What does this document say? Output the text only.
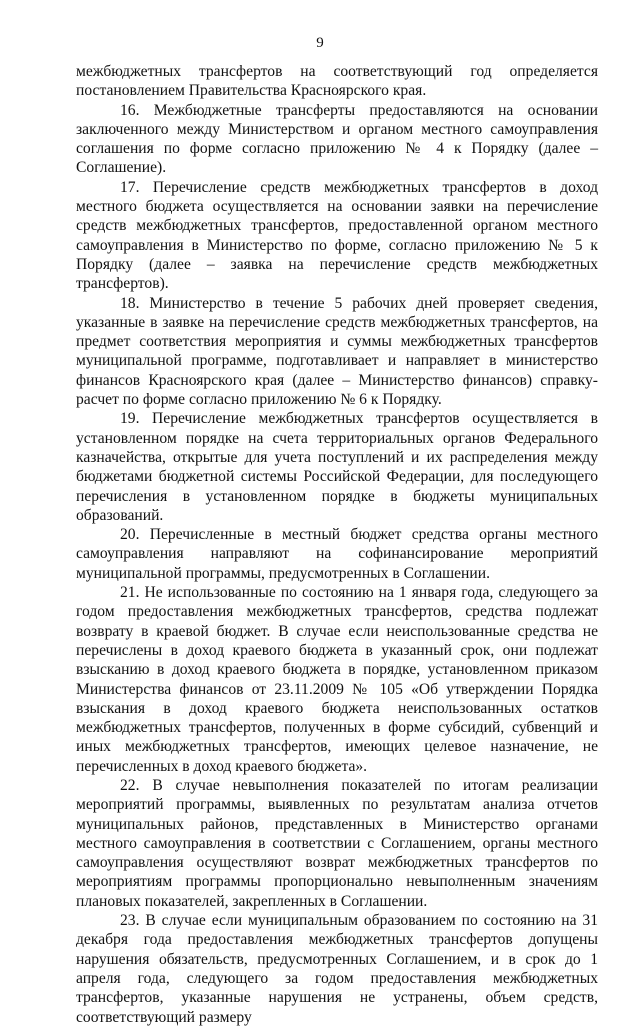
9

межбюджетных трансфертов на соответствующий год определяется постановлением Правительства Красноярского края.

16. Межбюджетные трансферты предоставляются на основании заключенного между Министерством и органом местного самоуправления соглашения по форме согласно приложению № 4 к Порядку (далее – Соглашение).

17. Перечисление средств межбюджетных трансфертов в доход местного бюджета осуществляется на основании заявки на перечисление средств межбюджетных трансфертов, предоставленной органом местного самоуправления в Министерство по форме, согласно приложению № 5 к Порядку (далее – заявка на перечисление средств межбюджетных трансфертов).

18. Министерство в течение 5 рабочих дней проверяет сведения, указанные в заявке на перечисление средств межбюджетных трансфертов, на предмет соответствия мероприятия и суммы межбюджетных трансфертов муниципальной программе, подготавливает и направляет в министерство финансов Красноярского края (далее – Министерство финансов) справку-расчет по форме согласно приложению № 6 к Порядку.

19. Перечисление межбюджетных трансфертов осуществляется в установленном порядке на счета территориальных органов Федерального казначейства, открытые для учета поступлений и их распределения между бюджетами бюджетной системы Российской Федерации, для последующего перечисления в установленном порядке в бюджеты муниципальных образований.

20. Перечисленные в местный бюджет средства органы местного самоуправления направляют на софинансирование мероприятий муниципальной программы, предусмотренных в Соглашении.

21. Не использованные по состоянию на 1 января года, следующего за годом предоставления межбюджетных трансфертов, средства подлежат возврату в краевой бюджет. В случае если неиспользованные средства не перечислены в доход краевого бюджета в указанный срок, они подлежат взысканию в доход краевого бюджета в порядке, установленном приказом Министерства финансов от 23.11.2009 № 105 «Об утверждении Порядка взыскания в доход краевого бюджета неиспользованных остатков межбюджетных трансфертов, полученных в форме субсидий, субвенций и иных межбюджетных трансфертов, имеющих целевое назначение, не перечисленных в доход краевого бюджета».

22. В случае невыполнения показателей по итогам реализации мероприятий программы, выявленных по результатам анализа отчетов муниципальных районов, представленных в Министерство органами местного самоуправления в соответствии с Соглашением, органы местного самоуправления осуществляют возврат межбюджетных трансфертов по мероприятиям программы пропорционально невыполненным значениям плановых показателей, закрепленных в Соглашении.

23. В случае если муниципальным образованием по состоянию на 31 декабря года предоставления межбюджетных трансфертов допущены нарушения обязательств, предусмотренных Соглашением, и в срок до 1 апреля года, следующего за годом предоставления межбюджетных трансфертов, указанные нарушения не устранены, объем средств, соответствующий размеру
